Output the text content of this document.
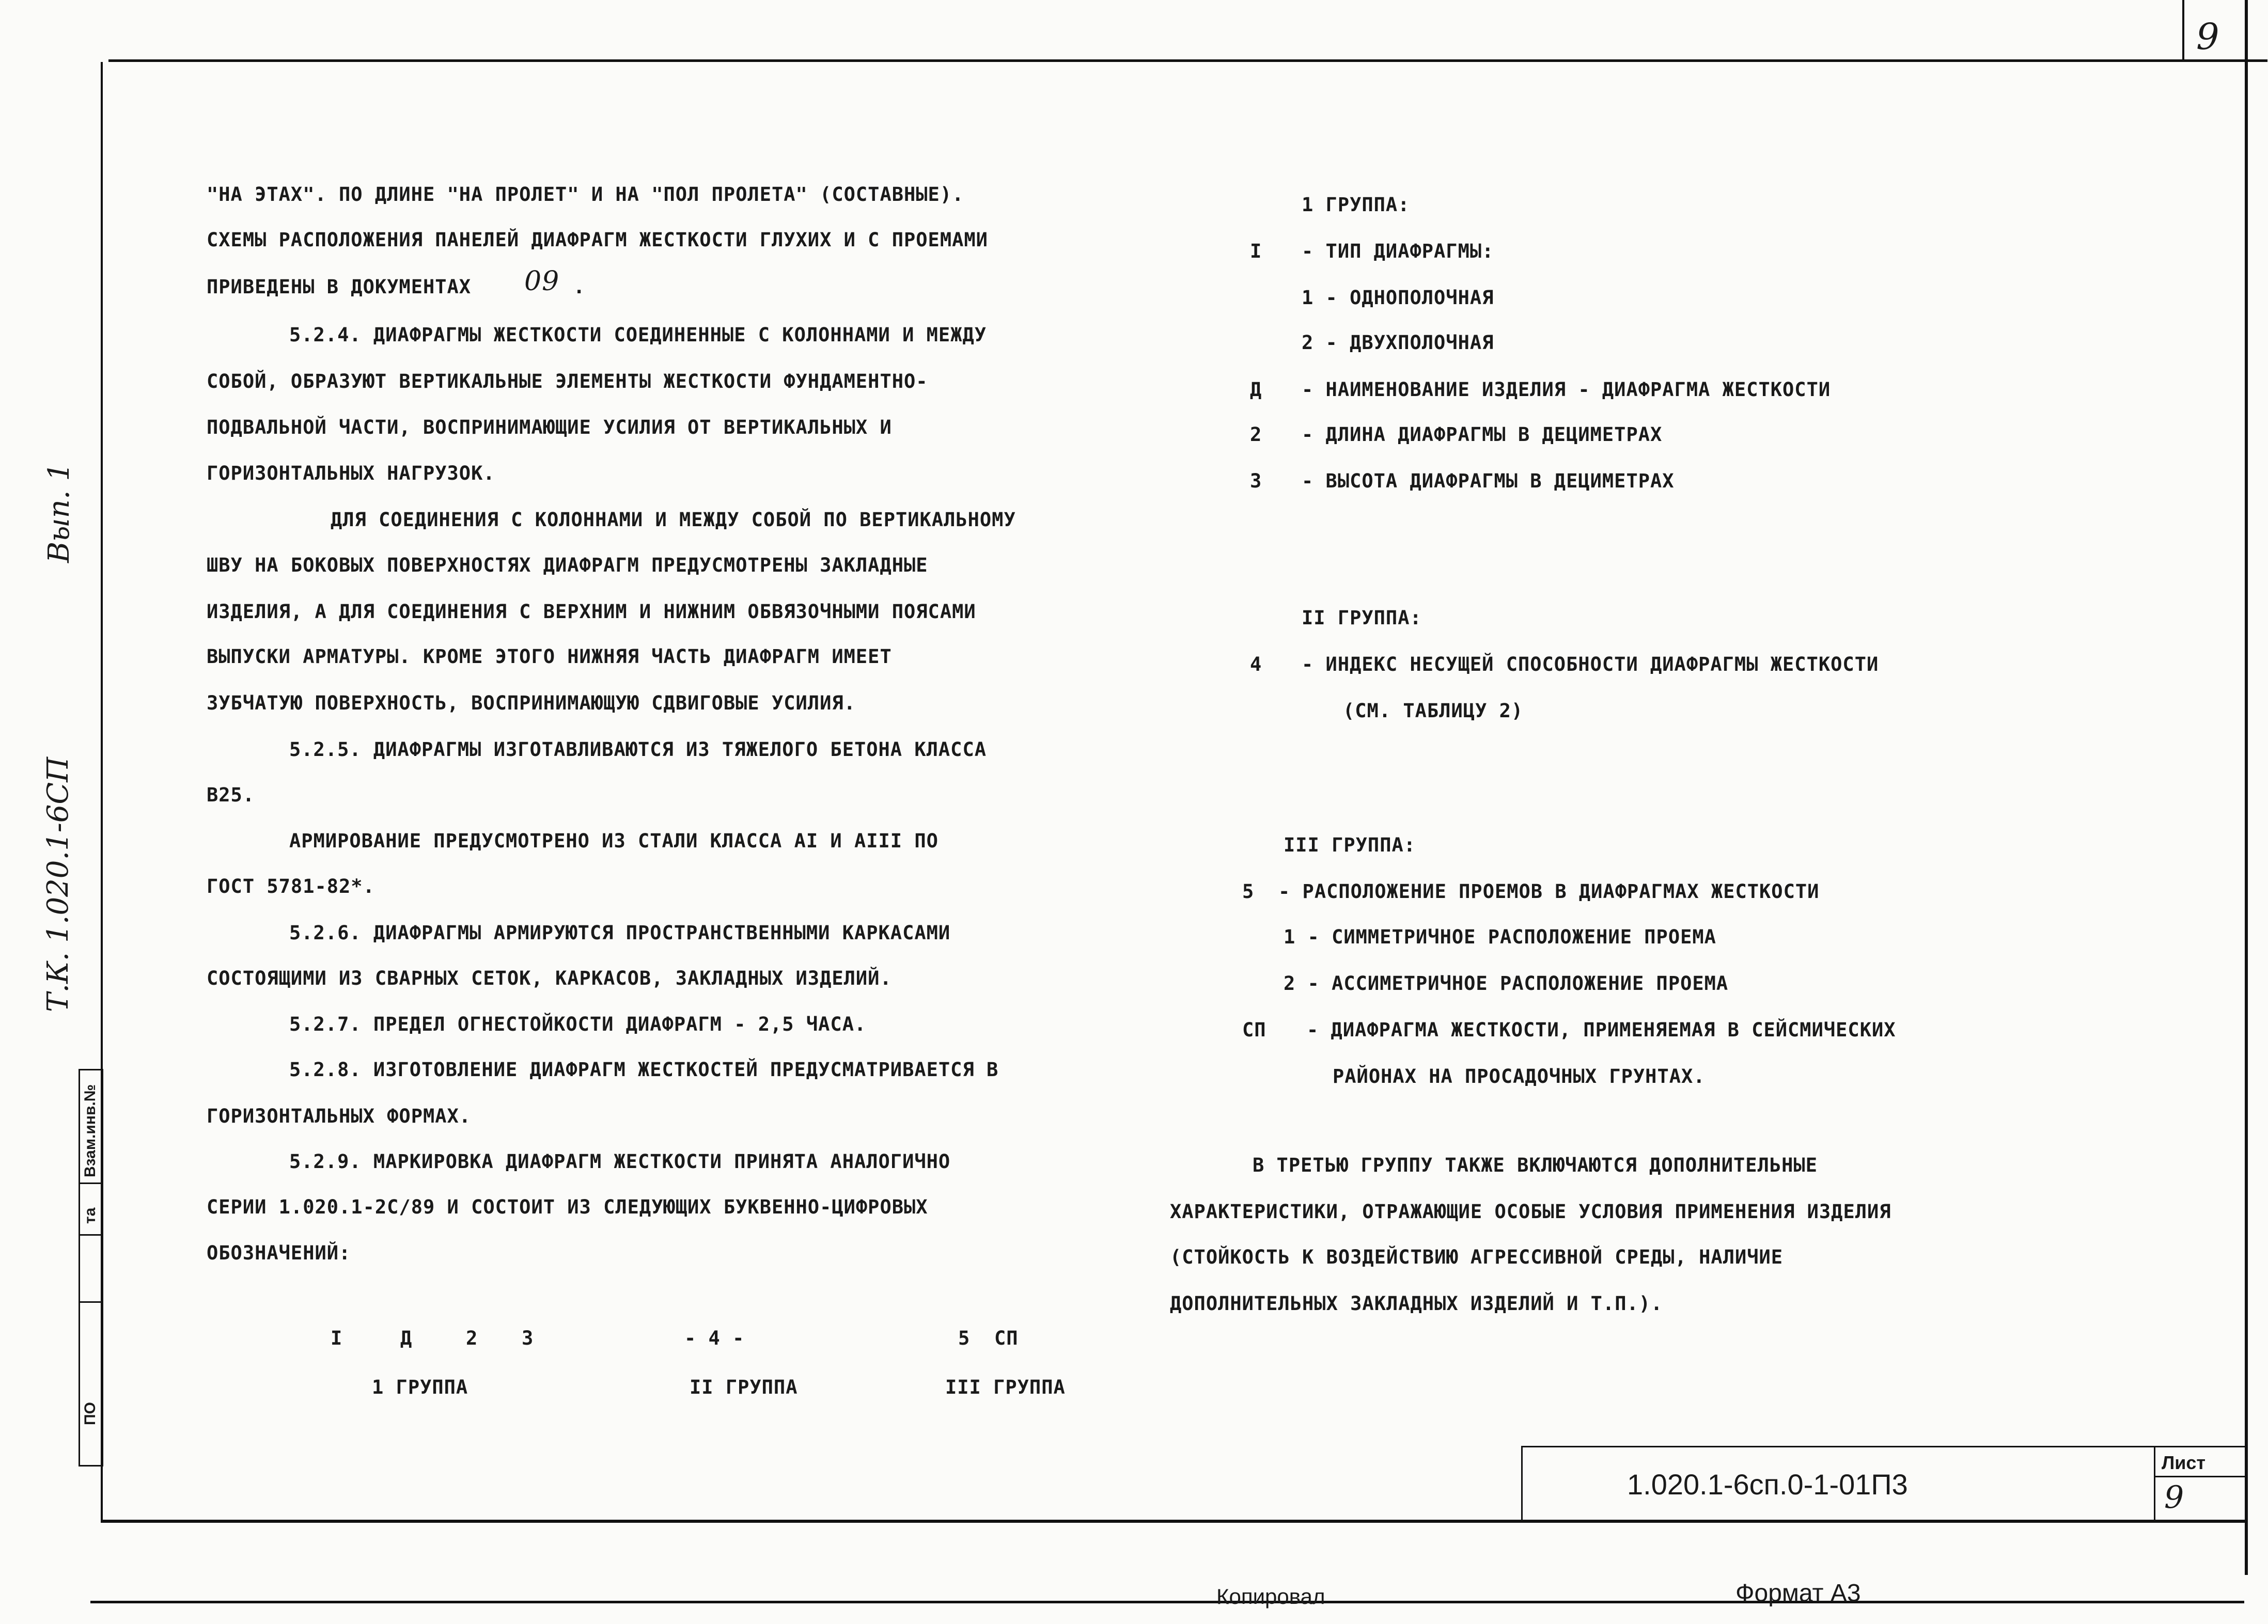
9
Вып. 1
Т.К. 1.020.1-6СП
Взам.инв.№
та
ПО
"НА ЭТАХ". ПО ДЛИНЕ "НА ПРОЛЕТ" И НА "ПОЛ ПРОЛЕТА" (СОСТАВНЫЕ).
СХЕМЫ РАСПОЛОЖЕНИЯ ПАНЕЛЕЙ ДИАФРАГМ ЖЕСТКОСТИ ГЛУХИХ И С ПРОЕМАМИ
ПРИВЕДЕНЫ В ДОКУМЕНТАХ 09 .
5.2.4. ДИАФРАГМЫ ЖЕСТКОСТИ СОЕДИНЕННЫЕ С КОЛОННАМИ И МЕЖДУ
СОБОЙ, ОБРАЗУЮТ ВЕРТИКАЛЬНЫЕ ЭЛЕМЕНТЫ ЖЕСТКОСТИ ФУНДАМЕНТНО-
ПОДВАЛЬНОЙ ЧАСТИ, ВОСПРИНИМАЮЩИЕ УСИЛИЯ ОТ ВЕРТИКАЛЬНЫХ И
ГОРИЗОНТАЛЬНЫХ НАГРУЗОК.
ДЛЯ СОЕДИНЕНИЯ С КОЛОННАМИ И МЕЖДУ СОБОЙ ПО ВЕРТИКАЛЬНОМУ
ШВУ НА БОКОВЫХ ПОВЕРХНОСТЯХ ДИАФРАГМ ПРЕДУСМОТРЕНЫ ЗАКЛАДНЫЕ
ИЗДЕЛИЯ, А ДЛЯ СОЕДИНЕНИЯ С ВЕРХНИМ И НИЖНИМ ОБВЯЗОЧНЫМИ ПОЯСАМИ
ВЫПУСКИ АРМАТУРЫ. КРОМЕ ЭТОГО НИЖНЯЯ ЧАСТЬ ДИАФРАГМ ИМЕЕТ
ЗУБЧАТУЮ ПОВЕРХНОСТЬ, ВОСПРИНИМАЮЩУЮ СДВИГОВЫЕ УСИЛИЯ.
5.2.5. ДИАФРАГМЫ ИЗГОТАВЛИВАЮТСЯ ИЗ ТЯЖЕЛОГО БЕТОНА КЛАССА
В25.
АРМИРОВАНИЕ ПРЕДУСМОТРЕНО ИЗ СТАЛИ КЛАССА АI И АIII ПО
ГОСТ 5781-82*.
5.2.6. ДИАФРАГМЫ АРМИРУЮТСЯ ПРОСТРАНСТВЕННЫМИ КАРКАСАМИ
СОСТОЯЩИМИ ИЗ СВАРНЫХ СЕТОК, КАРКАСОВ, ЗАКЛАДНЫХ ИЗДЕЛИЙ.
5.2.7. ПРЕДЕЛ ОГНЕСТОЙКОСТИ ДИАФРАГМ - 2,5 ЧАСА.
5.2.8. ИЗГОТОВЛЕНИЕ ДИАФРАГМ ЖЕСТКОСТЕЙ ПРЕДУСМАТРИВАЕТСЯ В
ГОРИЗОНТАЛЬНЫХ ФОРМАХ.
5.2.9. МАРКИРОВКА ДИАФРАГМ ЖЕСТКОСТИ ПРИНЯТА АНАЛОГИЧНО
СЕРИИ 1.020.1-2С/89 И СОСТОИТ ИЗ СЛЕДУЮЩИХ БУКВЕННО-ЦИФРОВЫХ
ОБОЗНАЧЕНИЙ:
I	Д	2 3	- 4 -	5 СП
1 ГРУППА	II ГРУППА	III ГРУППА
1 ГРУППА:
I - ТИП ДИАФРАГМЫ:
1 - ОДНОПОЛОЧНАЯ
2 - ДВУХПОЛОЧНАЯ
Д - НАИМЕНОВАНИЕ ИЗДЕЛИЯ - ДИАФРАГМА ЖЕСТКОСТИ
2 - ДЛИНА ДИАФРАГМЫ В ДЕЦИМЕТРАХ
3 - ВЫСОТА ДИАФРАГМЫ В ДЕЦИМЕТРАХ
II ГРУППА:
4 - ИНДЕКС НЕСУЩЕЙ СПОСОБНОСТИ ДИАФРАГМЫ ЖЕСТКОСТИ
(СМ. ТАБЛИЦУ 2)
III ГРУППА:
5 - РАСПОЛОЖЕНИЕ ПРОЕМОВ В ДИАФРАГМАХ ЖЕСТКОСТИ
1 - СИММЕТРИЧНОЕ РАСПОЛОЖЕНИЕ ПРОЕМА
2 - АССИМЕТРИЧНОЕ РАСПОЛОЖЕНИЕ ПРОЕМА
СП - ДИАФРАГМА ЖЕСТКОСТИ, ПРИМЕНЯЕМАЯ В СЕЙСМИЧЕСКИХ
РАЙОНАХ НА ПРОСАДОЧНЫХ ГРУНТАХ.
В ТРЕТЬЮ ГРУППУ ТАКЖЕ ВКЛЮЧАЮТСЯ ДОПОЛНИТЕЛЬНЫЕ
ХАРАКТЕРИСТИКИ, ОТРАЖАЮЩИЕ ОСОБЫЕ УСЛОВИЯ ПРИМЕНЕНИЯ ИЗДЕЛИЯ
(СТОЙКОСТЬ К ВОЗДЕЙСТВИЮ АГРЕССИВНОЙ СРЕДЫ, НАЛИЧИЕ
ДОПОЛНИТЕЛЬНЫХ ЗАКЛАДНЫХ ИЗДЕЛИЙ И Т.П.).
1.020.1-6сп.0-1-01П3
Лист
9
Копировал	Формат А3
